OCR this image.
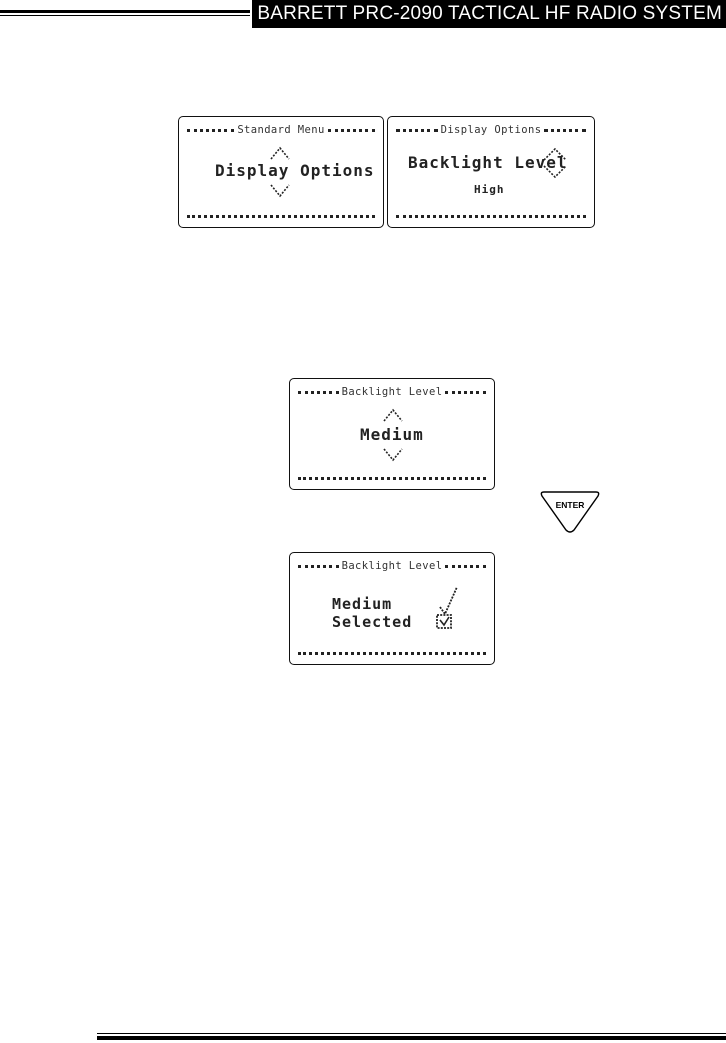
BARRETT PRC-2090 TACTICAL HF RADIO SYSTEM
Standard Menu
Display Options
Display Options
Backlight Level
High
Backlight Level
Medium
ENTER
Backlight Level
Medium
Selected
